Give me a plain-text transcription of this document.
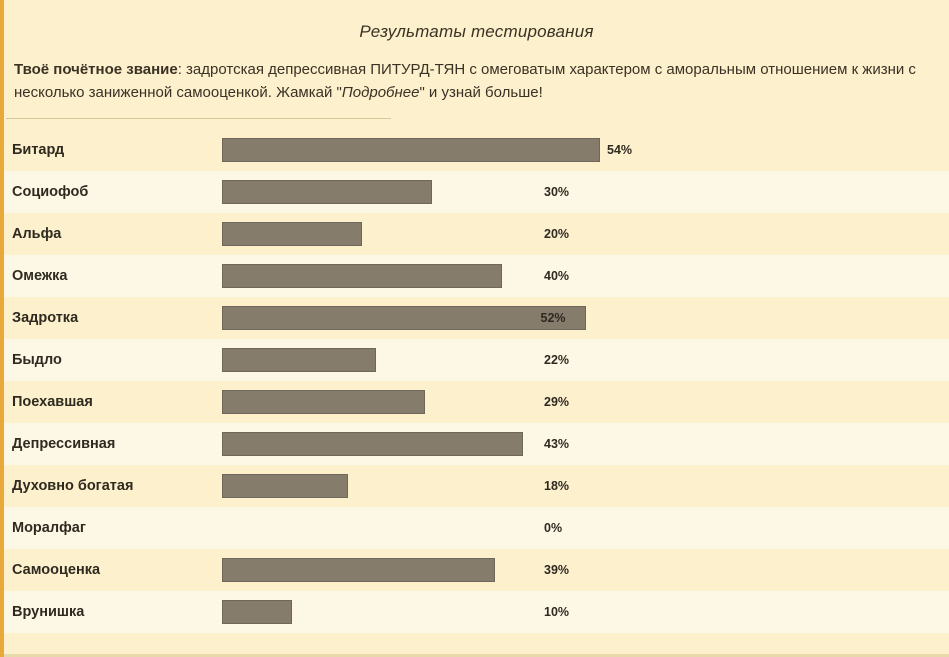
Результаты тестирования
Твоё почётное звание: задротская депрессивная ПИТУРД-ТЯН с омеговатым характером с аморальным отношением к жизни с несколько заниженной самооценкой. Жамкай "Подробнее" и узнай больше!
Битард	54%
Социофоб	30%
Альфа	20%
Омежка	40%
Задротка	52%
Быдло	22%
Поехавшая	29%
Депрессивная	43%
Духовно богатая	18%
Моралфаг	0%
Самооценка	39%
Врунишка	10%
